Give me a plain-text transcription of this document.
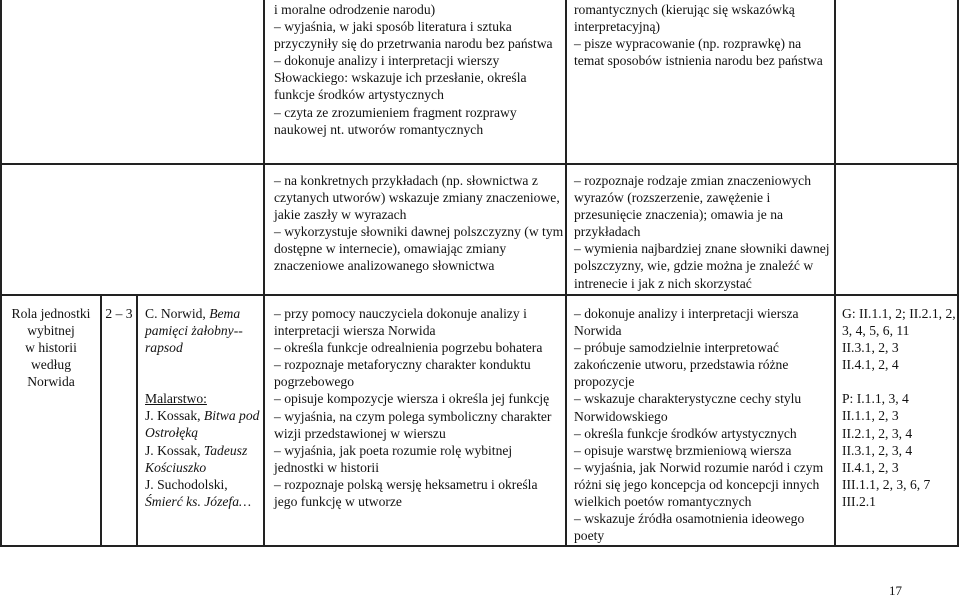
i moralne odrodzenie narodu)

– wyjaśnia, w jaki sposób literatura i sztuka przyczyniły się do przetrwania narodu bez państwa

– dokonuje analizy i interpretacji wierszy Słowackiego: wskazuje ich przesłanie, określa funkcje środków artystycznych

– czyta ze zrozumieniem fragment rozprawy naukowej nt. utworów romantycznych

romantycznych (kierując się wskazówką interpretacyjną)

– pisze wypracowanie (np. rozprawkę) na temat sposobów istnienia narodu bez państwa

– na konkretnych przykładach (np. słownictwa z czytanych utworów) wskazuje zmiany znaczeniowe, jakie zaszły w wyrazach

– wykorzystuje słowniki dawnej polszczyzny (w tym dostępne w internecie), omawiając zmiany znaczeniowe analizowanego słownictwa

– rozpoznaje rodzaje zmian znaczeniowych wyrazów (rozszerzenie, zawężenie i przesunięcie znaczenia); omawia je na przykładach

– wymienia najbardziej znane słowniki dawnej polszczyzny, wie, gdzie można je znaleźć w intrenecie i jak z nich skorzystać

Rola jednostki

wybitnej

w historii

według

Norwida

2 – 3 C. Norwid, Bema pamięci żałobny--rapsod

Malarstwo:

J. Kossak, Bitwa pod Ostrołęką

J. Kossak, Tadeusz Kościuszko

J. Suchodolski, Śmierć ks. Józefa…

– przy pomocy nauczyciela dokonuje analizy i interpretacji wiersza Norwida

– określa funkcje odrealnienia pogrzebu bohatera

– rozpoznaje metaforyczny charakter konduktu pogrzebowego

– opisuje kompozycje wiersza i określa jej funkcję

– wyjaśnia, na czym polega symboliczny charakter wizji przedstawionej w wierszu

– wyjaśnia, jak poeta rozumie rolę wybitnej jednostki w historii

– rozpoznaje polską wersję heksametru i określa jego funkcję w utworze

– dokonuje analizy i interpretacji wiersza Norwida

– próbuje samodzielnie interpretować zakończenie utworu, przedstawia różne propozycje

– wskazuje charakterystyczne cechy stylu Norwidowskiego

– określa funkcje środków artystycznych

– opisuje warstwę brzmieniową wiersza

– wyjaśnia, jak Norwid rozumie naród i czym różni się jego koncepcja od koncepcji innych wielkich poetów romantycznych

– wskazuje źródła osamotnienia ideowego poety

G: II.1.1, 2; II.2.1, 2, 3, 4, 5, 6, 11

II.3.1, 2, 3

II.4.1, 2, 4

P: I.1.1, 3, 4

II.1.1, 2, 3

II.2.1, 2, 3, 4

II.3.1, 2, 3, 4

II.4.1, 2, 3

III.1.1, 2, 3, 6, 7

III.2.1

17
